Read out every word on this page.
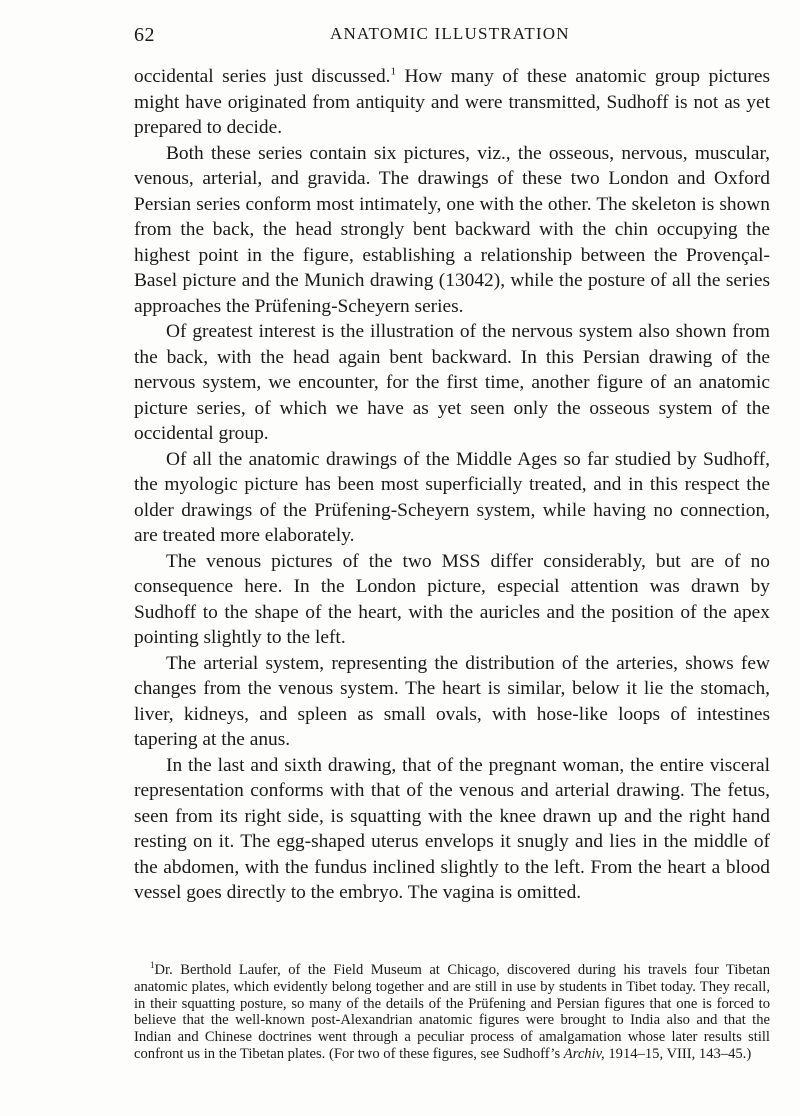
62	ANATOMIC ILLUSTRATION

occidental series just discussed.$^1$ How many of these anatomic group pictures might have originated from antiquity and were transmitted, Sudhoff is not as yet prepared to decide.

Both these series contain six pictures, viz., the osseous, nervous, muscular, venous, arterial, and gravida. The drawings of these two London and Oxford Persian series conform most intimately, one with the other. The skeleton is shown from the back, the head strongly bent backward with the chin occupying the highest point in the figure, establishing a relationship between the Provençal-Basel picture and the Munich drawing (13042), while the posture of all the series approaches the Prüfening-Scheyern series.

Of greatest interest is the illustration of the nervous system also shown from the back, with the head again bent backward. In this Persian drawing of the nervous system, we encounter, for the first time, another figure of an anatomic picture series, of which we have as yet seen only the osseous system of the occidental group.

Of all the anatomic drawings of the Middle Ages so far studied by Sudhoff, the myologic picture has been most superficially treated, and in this respect the older drawings of the Prüfening-Scheyern system, while having no connection, are treated more elaborately.

The venous pictures of the two MSS differ considerably, but are of no consequence here. In the London picture, especial attention was drawn by Sudhoff to the shape of the heart, with the auricles and the position of the apex pointing slightly to the left.

The arterial system, representing the distribution of the arteries, shows few changes from the venous system. The heart is similar, below it lie the stomach, liver, kidneys, and spleen as small ovals, with hose-like loops of intestines tapering at the anus.

In the last and sixth drawing, that of the pregnant woman, the entire visceral representation conforms with that of the venous and arterial drawing. The fetus, seen from its right side, is squatting with the knee drawn up and the right hand resting on it. The egg-shaped uterus envelops it snugly and lies in the middle of the abdomen, with the fundus inclined slightly to the left. From the heart a blood vessel goes directly to the embryo. The vagina is omitted.

$^1$Dr. Berthold Laufer, of the Field Museum at Chicago, discovered during his travels four Tibetan anatomic plates, which evidently belong together and are still in use by students in Tibet today. They recall, in their squatting posture, so many of the details of the Prüfening and Persian figures that one is forced to believe that the well-known post-Alexandrian anatomic figures were brought to India also and that the Indian and Chinese doctrines went through a peculiar process of amalgamation whose later results still confront us in the Tibetan plates. (For two of these figures, see Sudhoff’s Archiv, 1914–15, VIII, 143–45.)
